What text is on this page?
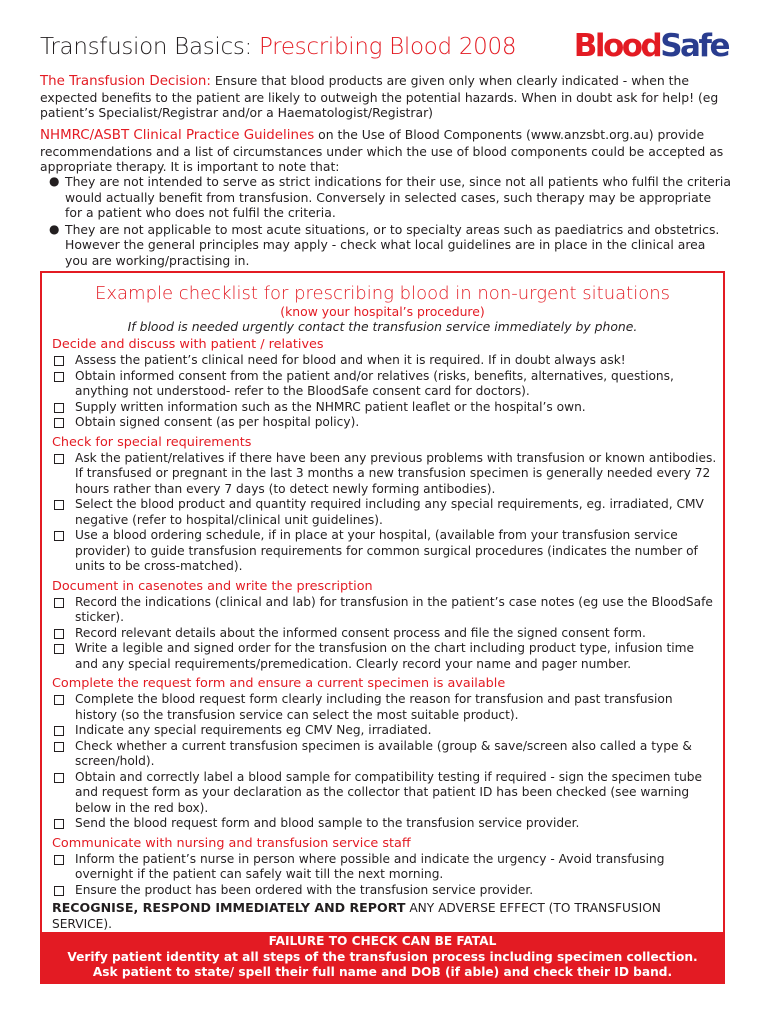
Transfusion Basics: Prescribing Blood 2008 BloodSafe
The Transfusion Decision: Ensure that blood products are given only when clearly indicated - when the expected benefits to the patient are likely to outweigh the potential hazards. When in doubt ask for help! (eg patient’s Specialist/Registrar and/or a Haematologist/Registrar)
NHMRC/ASBT Clinical Practice Guidelines on the Use of Blood Components (www.anzsbt.org.au) provide recommendations and a list of circumstances under which the use of blood components could be accepted as appropriate therapy. It is important to note that:
● They are not intended to serve as strict indications for their use, since not all patients who fulfil the criteria would actually benefit from transfusion. Conversely in selected cases, such therapy may be appropriate for a patient who does not fulfil the criteria.
● They are not applicable to most acute situations, or to specialty areas such as paediatrics and obstetrics. However the general principles may apply - check what local guidelines are in place in the clinical area you are working/practising in.
Example checklist for prescribing blood in non-urgent situations
(know your hospital’s procedure)
If blood is needed urgently contact the transfusion service immediately by phone.
Decide and discuss with patient / relatives
Assess the patient’s clinical need for blood and when it is required. If in doubt always ask!
Obtain informed consent from the patient and/or relatives (risks, benefits, alternatives, questions, anything not understood- refer to the BloodSafe consent card for doctors).
Supply written information such as the NHMRC patient leaflet or the hospital’s own.
Obtain signed consent (as per hospital policy).
Check for special requirements
Ask the patient/relatives if there have been any previous problems with transfusion or known antibodies. If transfused or pregnant in the last 3 months a new transfusion specimen is generally needed every 72 hours rather than every 7 days (to detect newly forming antibodies).
Select the blood product and quantity required including any special requirements, eg. irradiated, CMV negative (refer to hospital/clinical unit guidelines).
Use a blood ordering schedule, if in place at your hospital, (available from your transfusion service provider) to guide transfusion requirements for common surgical procedures (indicates the number of units to be cross-matched).
Document in casenotes and write the prescription
Record the indications (clinical and lab) for transfusion in the patient’s case notes (eg use the BloodSafe sticker).
Record relevant details about the informed consent process and file the signed consent form.
Write a legible and signed order for the transfusion on the chart including product type, infusion time and any special requirements/premedication. Clearly record your name and pager number.
Complete the request form and ensure a current specimen is available
Complete the blood request form clearly including the reason for transfusion and past transfusion history (so the transfusion service can select the most suitable product).
Indicate any special requirements eg CMV Neg, irradiated.
Check whether a current transfusion specimen is available (group & save/screen also called a type & screen/hold).
Obtain and correctly label a blood sample for compatibility testing if required - sign the specimen tube and request form as your declaration as the collector that patient ID has been checked (see warning below in the red box).
Send the blood request form and blood sample to the transfusion service provider.
Communicate with nursing and transfusion service staff
Inform the patient’s nurse in person where possible and indicate the urgency - Avoid transfusing overnight if the patient can safely wait till the next morning.
Ensure the product has been ordered with the transfusion service provider.
RECOGNISE, RESPOND IMMEDIATELY AND REPORT ANY ADVERSE EFFECT (TO TRANSFUSION SERVICE).
FAILURE TO CHECK CAN BE FATAL
Verify patient identity at all steps of the transfusion process including specimen collection.
Ask patient to state/ spell their full name and DOB (if able) and check their ID band.
